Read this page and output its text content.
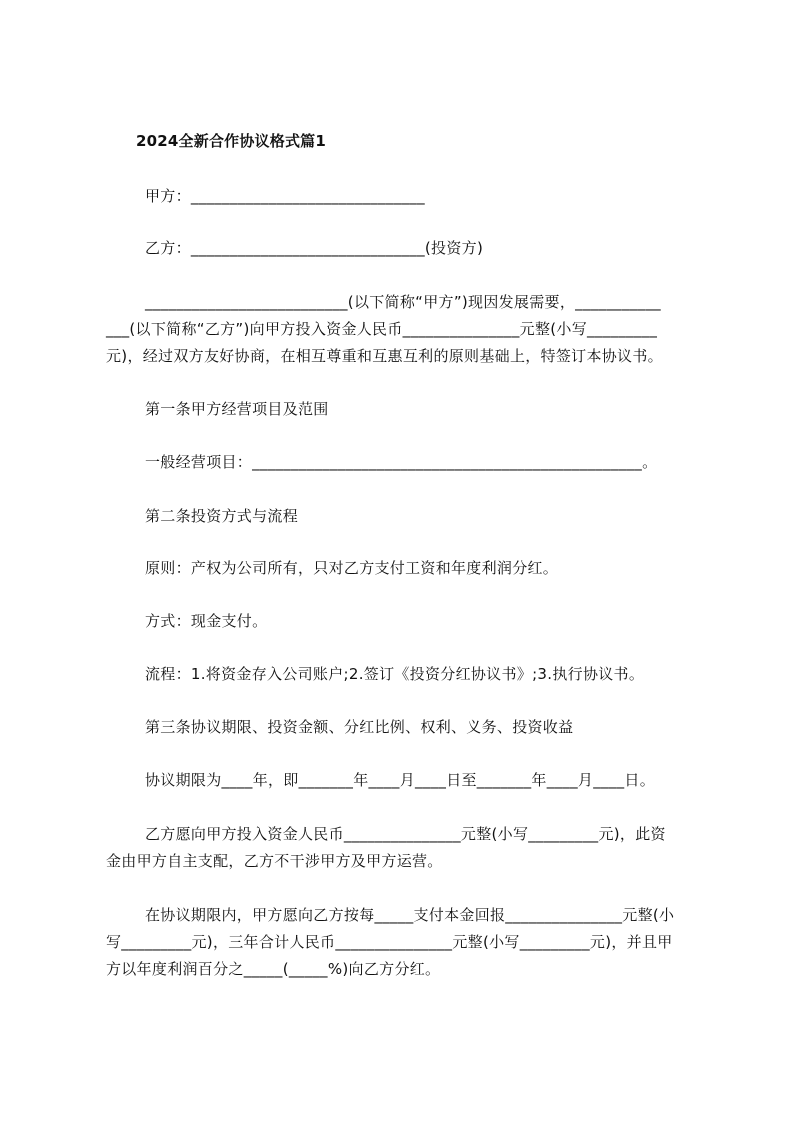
2024全新合作协议格式篇1
甲方：______________________________
乙方：______________________________(投资方)
__________________________(以下简称“甲方”)现因发展需要，___________
___(以下简称“乙方”)向甲方投入资金人民币_______________元整(小写_________
元)，经过双方友好协商，在相互尊重和互惠互利的原则基础上，特签订本协议书。
第一条甲方经营项目及范围
一般经营项目：__________________________________________________。
第二条投资方式与流程
原则：产权为公司所有，只对乙方支付工资和年度利润分红。
方式：现金支付。
流程：1.将资金存入公司账户;2.签订《投资分红协议书》;3.执行协议书。
第三条协议期限、投资金额、分红比例、权利、义务、投资收益
协议期限为____年，即_______年____月____日至_______年____月____日。
乙方愿向甲方投入资金人民币_______________元整(小写_________元)，此资
金由甲方自主支配，乙方不干涉甲方及甲方运营。
在协议期限内，甲方愿向乙方按每_____支付本金回报_______________元整(小
写_________元)，三年合计人民币_______________元整(小写_________元)，并且甲
方以年度利润百分之_____(_____%)向乙方分红。
